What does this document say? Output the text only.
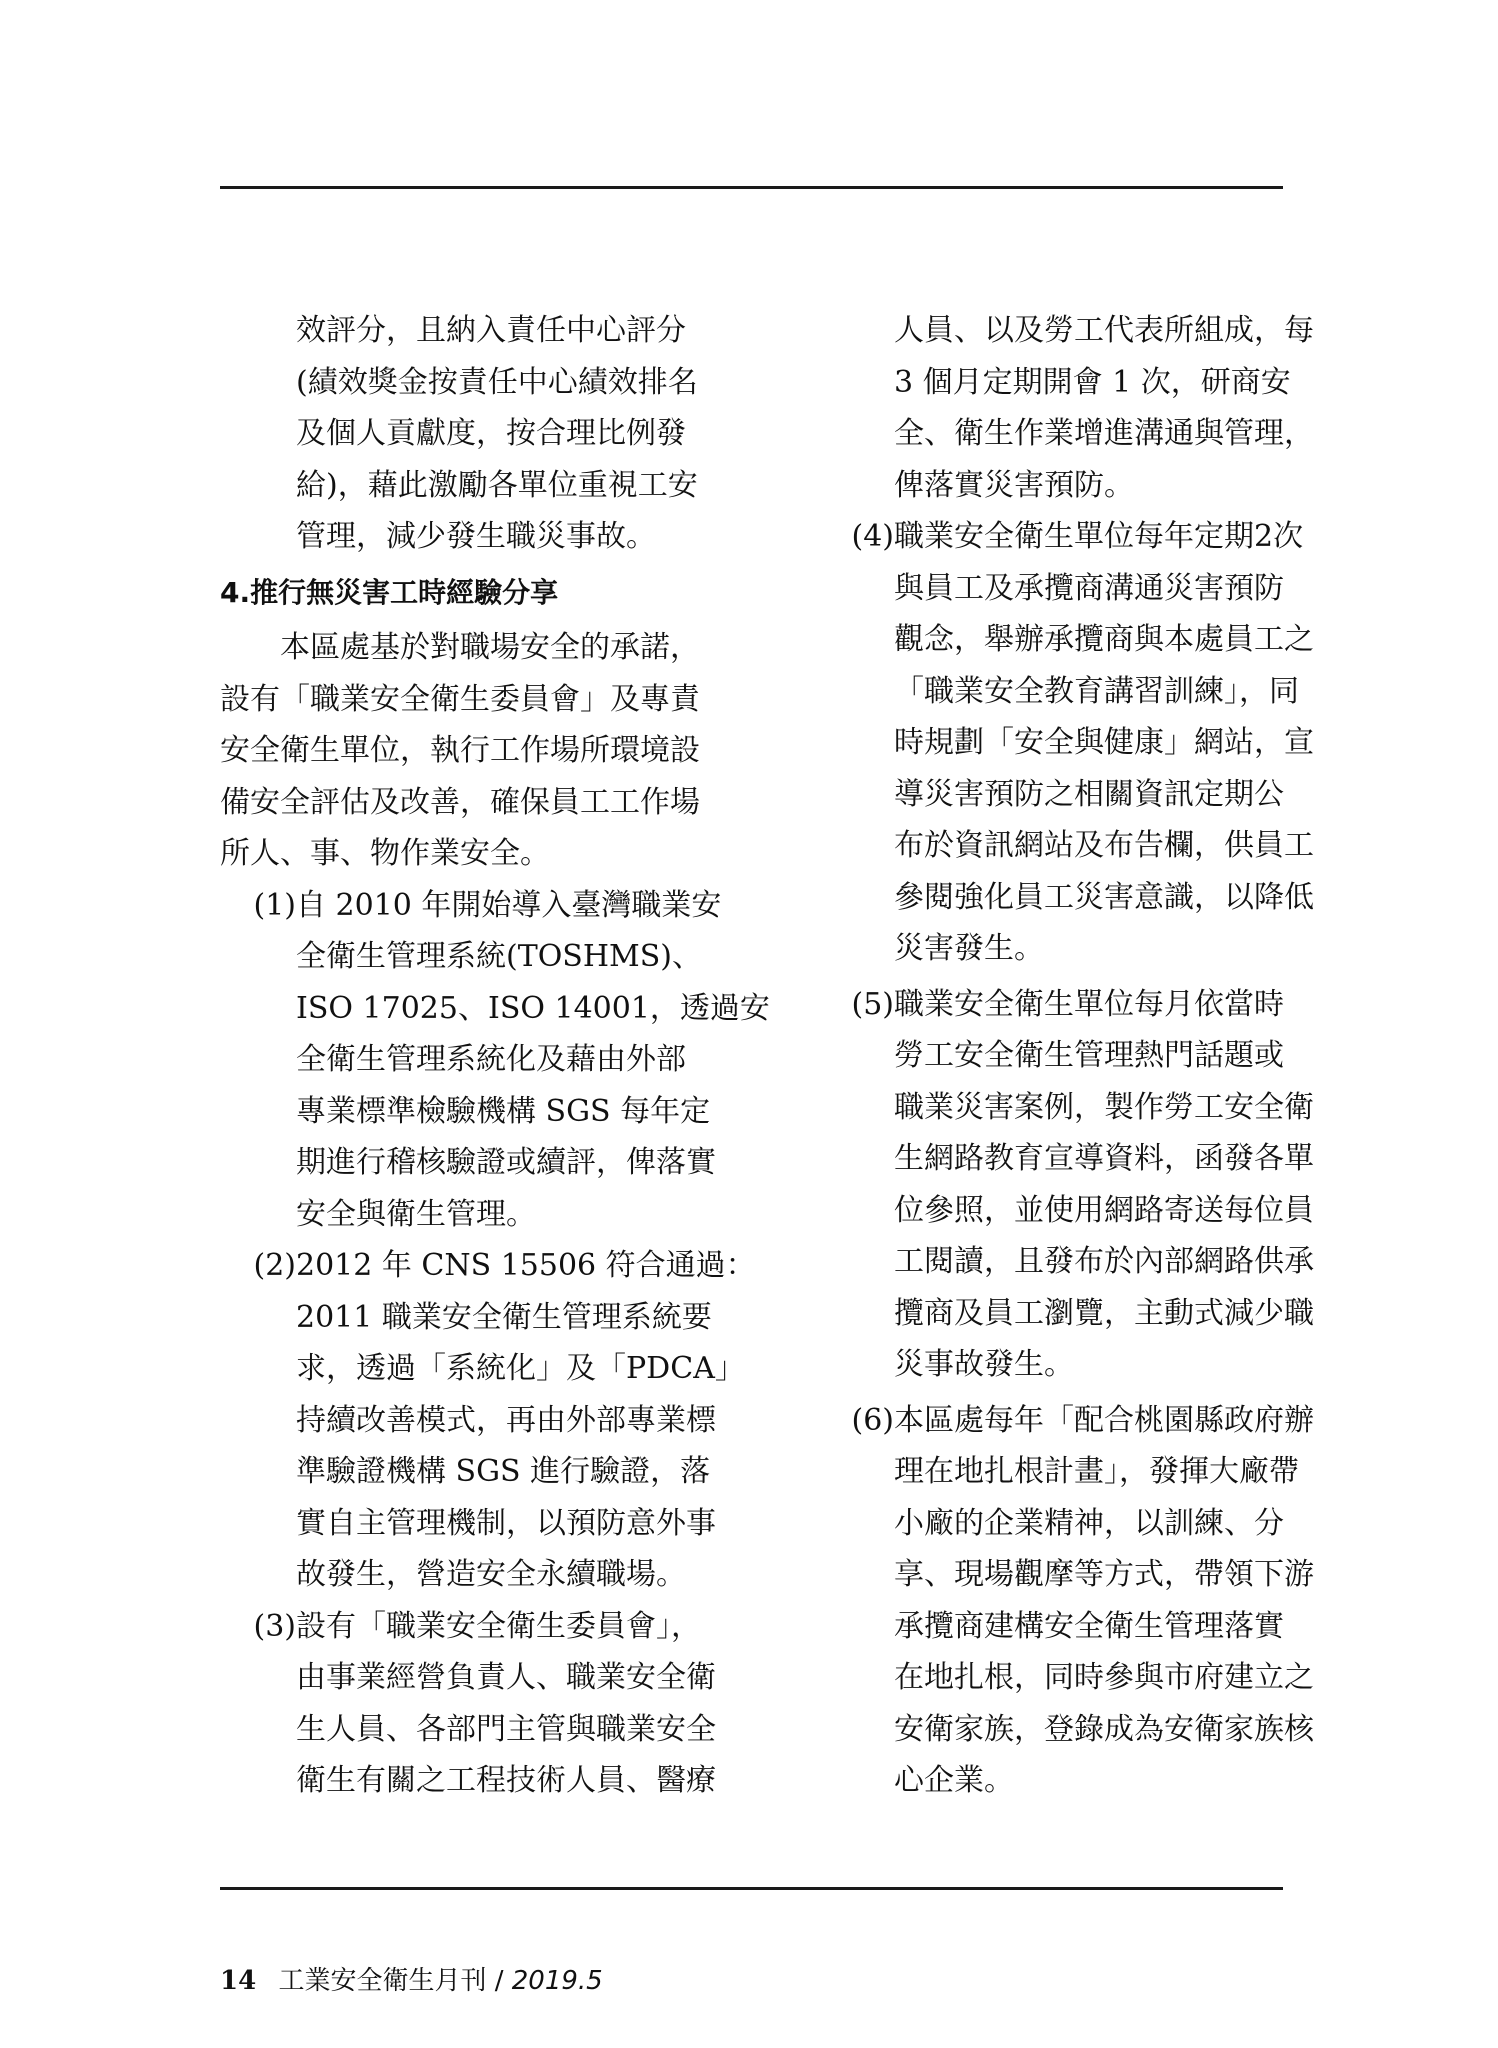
效評分，且納入責任中心評分
(績效獎金按責任中心績效排名
及個人貢獻度，按合理比例發
給)，藉此激勵各單位重視工安
管理，減少發生職災事故。
4.推行無災害工時經驗分享
本區處基於對職場安全的承諾，
設有「職業安全衛生委員會」及專責
安全衛生單位，執行工作場所環境設
備安全評估及改善，確保員工工作場
所人、事、物作業安全。
(1)自 2010 年開始導入臺灣職業安
全衛生管理系統(TOSHMS)、
ISO 17025、ISO 14001，透過安
全衛生管理系統化及藉由外部
專業標準檢驗機構 SGS 每年定
期進行稽核驗證或續評，俾落實
安全與衛生管理。
(2)2012 年 CNS 15506 符合通過：
2011 職業安全衛生管理系統要
求，透過「系統化」及「PDCA」
持續改善模式，再由外部專業標
準驗證機構 SGS 進行驗證，落
實自主管理機制，以預防意外事
故發生，營造安全永續職場。
(3)設有「職業安全衛生委員會」，
由事業經營負責人、職業安全衛
生人員、各部門主管與職業安全
衛生有關之工程技術人員、醫療
人員、以及勞工代表所組成，每
3 個月定期開會 1 次，研商安
全、衛生作業增進溝通與管理，
俾落實災害預防。
(4)職業安全衛生單位每年定期2次
與員工及承攬商溝通災害預防
觀念，舉辦承攬商與本處員工之
「職業安全教育講習訓練」，同
時規劃「安全與健康」網站，宣
導災害預防之相關資訊定期公
布於資訊網站及布告欄，供員工
參閱強化員工災害意識，以降低
災害發生。
(5)職業安全衛生單位每月依當時
勞工安全衛生管理熱門話題或
職業災害案例，製作勞工安全衛
生網路教育宣導資料，函發各單
位參照，並使用網路寄送每位員
工閱讀，且發布於內部網路供承
攬商及員工瀏覽，主動式減少職
災事故發生。
(6)本區處每年「配合桃園縣政府辦
理在地扎根計畫」，發揮大廠帶
小廠的企業精神，以訓練、分
享、現場觀摩等方式，帶領下游
承攬商建構安全衛生管理落實
在地扎根，同時參與市府建立之
安衛家族，登錄成為安衛家族核
心企業。
14 工業安全衛生月刊 / 2019.5
